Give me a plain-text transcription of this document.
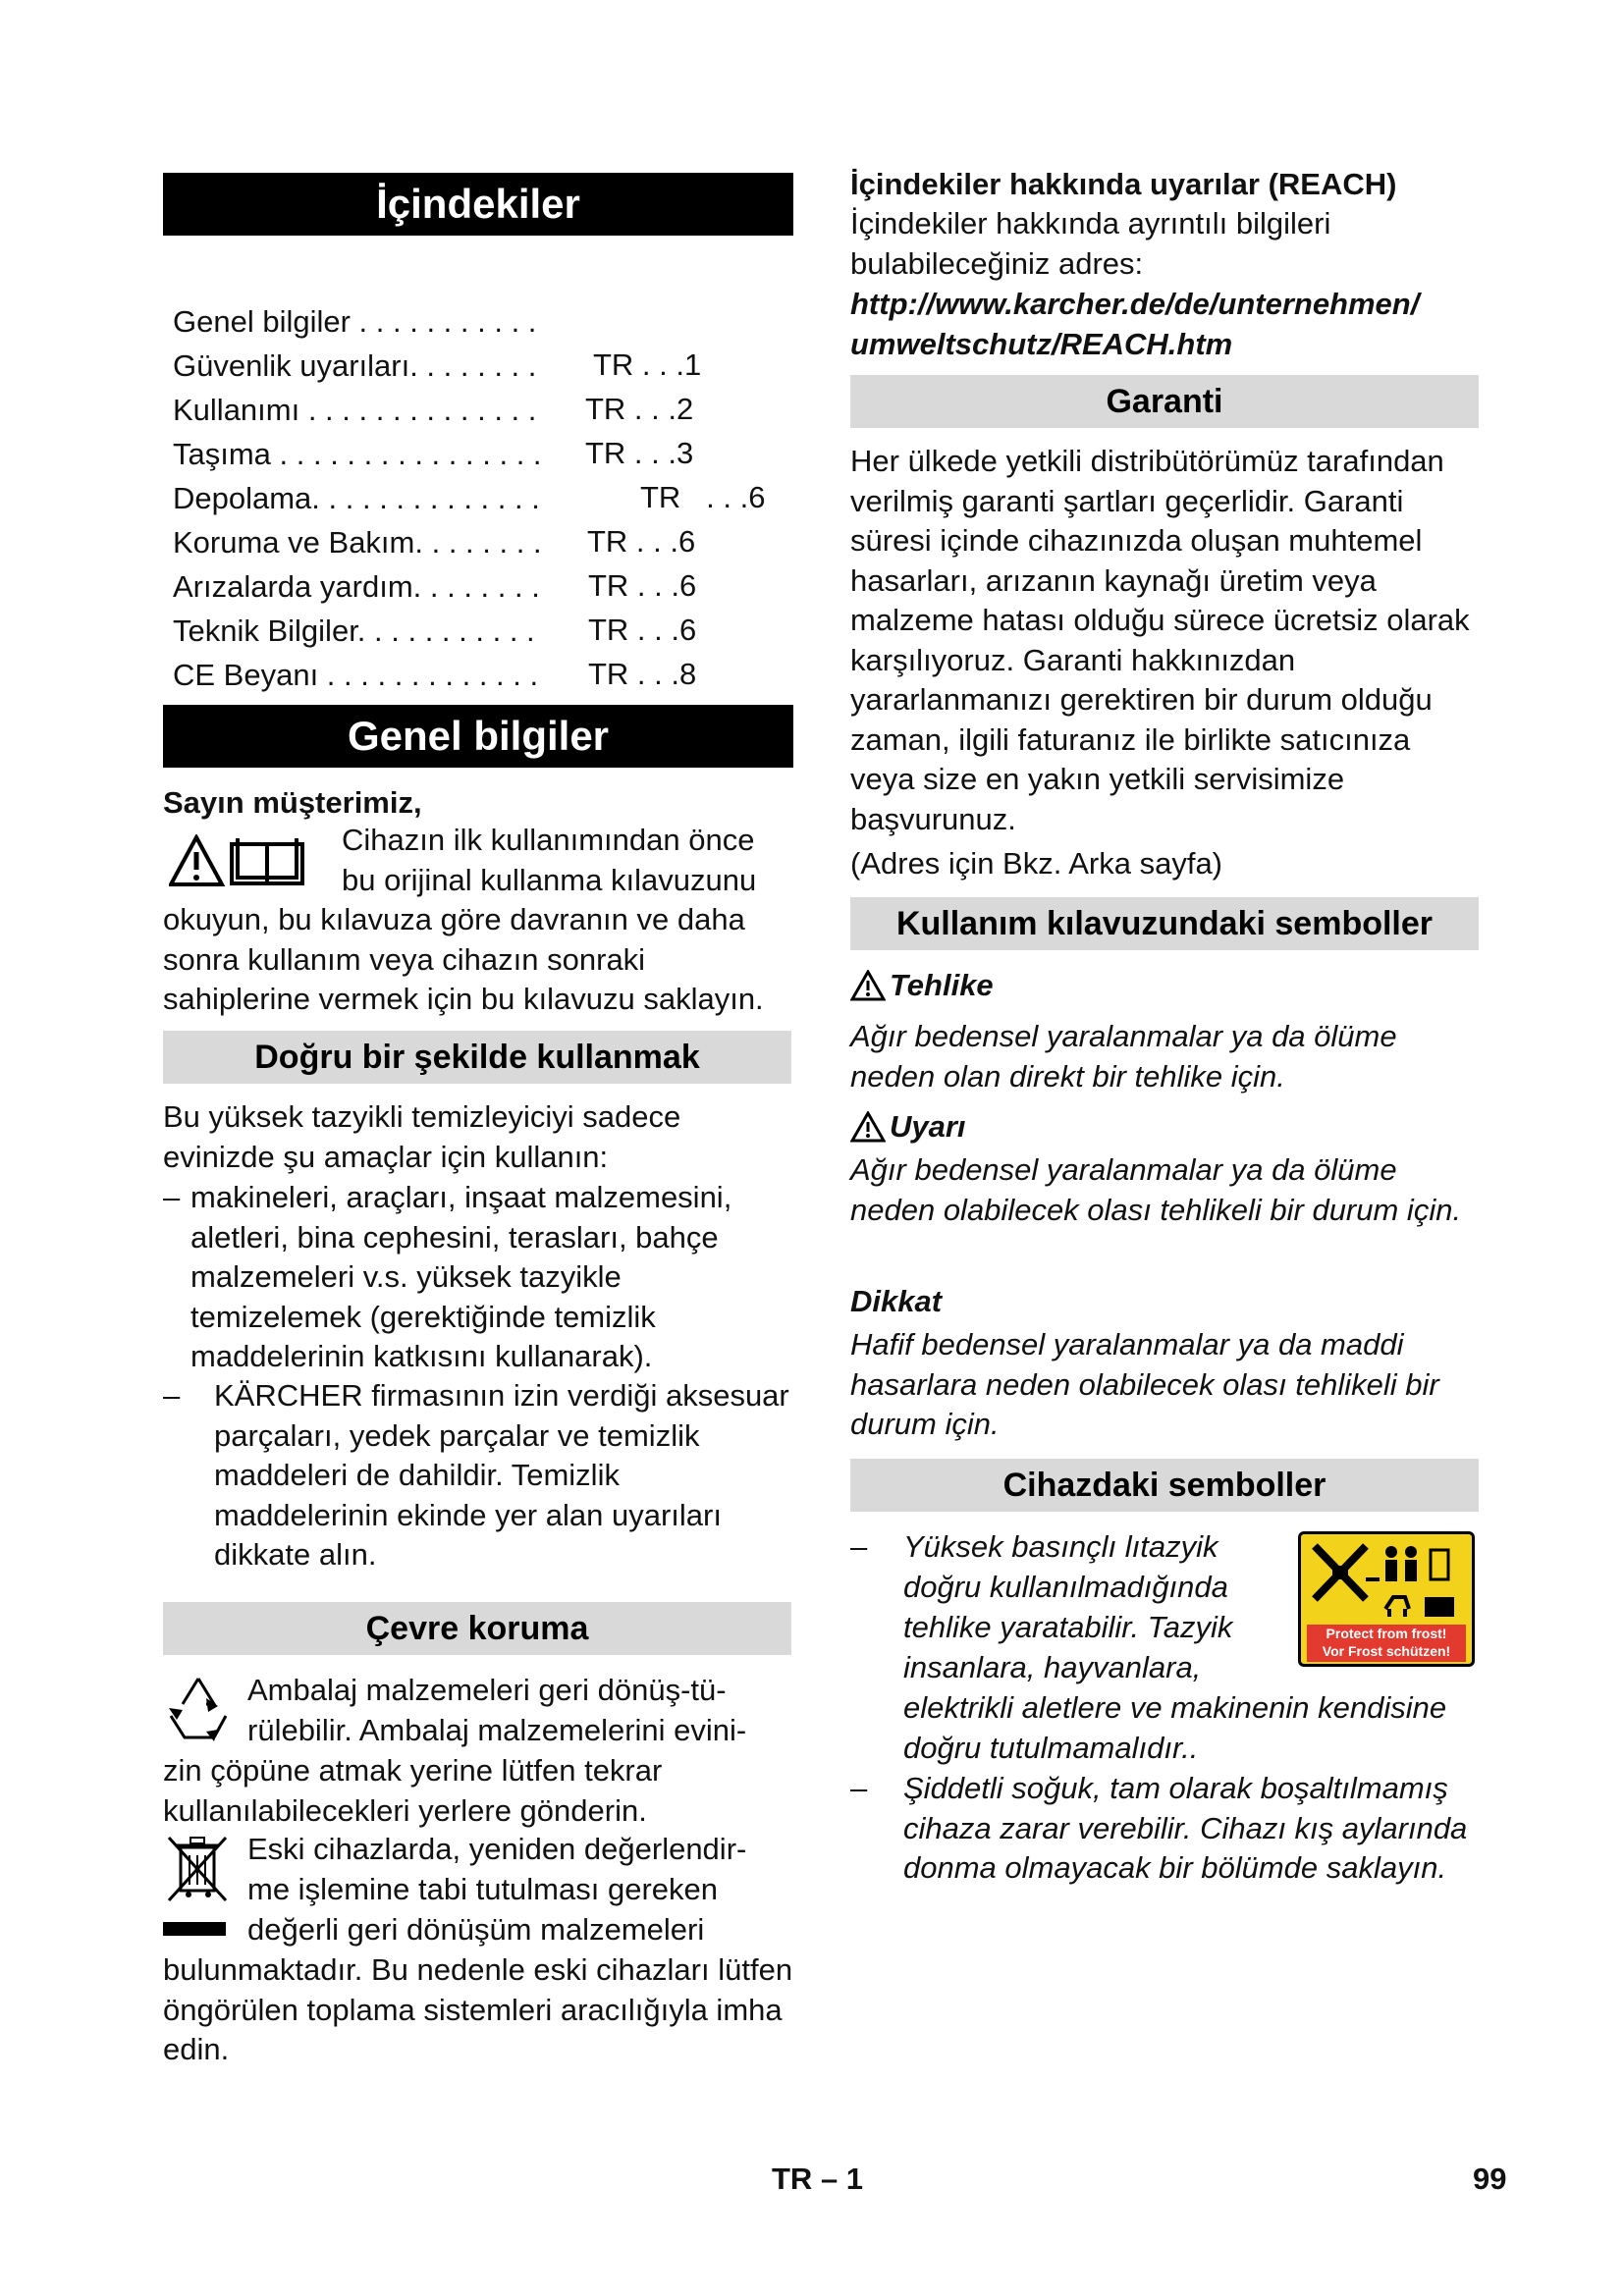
İçindekiler

Genel bilgiler . . . . . . . . . . .

TR . . .1

Güvenlik uyarıları. . . . . . . .

TR . . .2

Kullanımı . . . . . . . . . . . . . .

TR . . .3

Taşıma . . . . . . . . . . . . . . . .

TR   . . .6

Depolama. . . . . . . . . . . . . .

TR . . .6

Koruma ve Bakım. . . . . . . .

TR . . .6

Arızalarda yardım. . . . . . . .

TR . . .6

Teknik Bilgiler. . . . . . . . . . .

TR . . .8

CE Beyanı . . . . . . . . . . . . .

Genel bilgiler

Sayın müşterimiz,

Cihazın ilk kullanımından önce

bu orijinal kullanma kılavuzunu

okuyun, bu kılavuza göre davranın ve daha sonra kullanım veya cihazın sonraki sahiplerine vermek için bu kılavuzu saklayın.

Doğru bir şekilde kullanmak

Bu yüksek tazyikli temizleyiciyi sadece evinizde şu amaçlar için kullanın:

– makineleri, araçları, inşaat malzemesini, aletleri, bina cephesini, terasları, bahçe malzemeleri v.s. yüksek tazyikle temizelemek (gerektiğinde temizlik maddelerinin katkısını kullanarak).

– KÄRCHER firmasının izin verdiği aksesuar parçaları, yedek parçalar ve temizlik maddeleri de dahildir. Temizlik maddelerinin ekinde yer alan uyarıları dikkate alın.

Çevre koruma

Ambalaj malzemeleri geri dönüş-tü-

rülebilir. Ambalaj malzemelerini evini-

zin çöpüne atmak yerine lütfen tekrar kullanılabilecekleri yerlere gönderin.

Eski cihazlarda, yeniden değerlendir-

me işlemine tabi tutulması gereken

değerli geri dönüşüm malzemeleri

bulunmaktadır. Bu nedenle eski cihazları lütfen öngörülen toplama sistemleri aracılığıyla imha edin.

İçindekiler hakkında uyarılar (REACH)

İçindekiler hakkında ayrıntılı bilgileri bulabileceğiniz adres:

http://www.karcher.de/de/unternehmen/

umweltschutz/REACH.htm

Garanti

Her ülkede yetkili distribütörümüz tarafından verilmiş garanti şartları geçerlidir. Garanti süresi içinde cihazınızda oluşan muhtemel hasarları, arızanın kaynağı üretim veya malzeme hatası olduğu sürece ücretsiz olarak karşılıyoruz. Garanti hakkınızdan yararlanmanızı gerektiren bir durum olduğu zaman, ilgili faturanız ile birlikte satıcınıza veya size en yakın yetkili servisimize başvurunuz.

(Adres için Bkz. Arka sayfa)

Kullanım kılavuzundaki semboller

Tehlike

Ağır bedensel yaralanmalar ya da ölüme neden olan direkt bir tehlike için.

Uyarı

Ağır bedensel yaralanmalar ya da ölüme neden olabilecek olası tehlikeli bir durum için.

Dikkat

Hafif bedensel yaralanmalar ya da maddi hasarlara neden olabilecek olası tehlikeli bir durum için.

Cihazdaki semboller

– Yüksek basınçlı lıtazyik

doğru kullanılmadığında

tehlike yaratabilir. Tazyik

insanlara, hayvanlara,

elektrikli aletlere ve makinenin kendisine doğru tutulmamalıdır..

Protect from frost!
Vor Frost schützen!

– Şiddetli soğuk, tam olarak boşaltılmamış cihaza zarar verebilir. Cihazı kış aylarında donma olmayacak bir bölümde saklayın.

TR – 1	99
